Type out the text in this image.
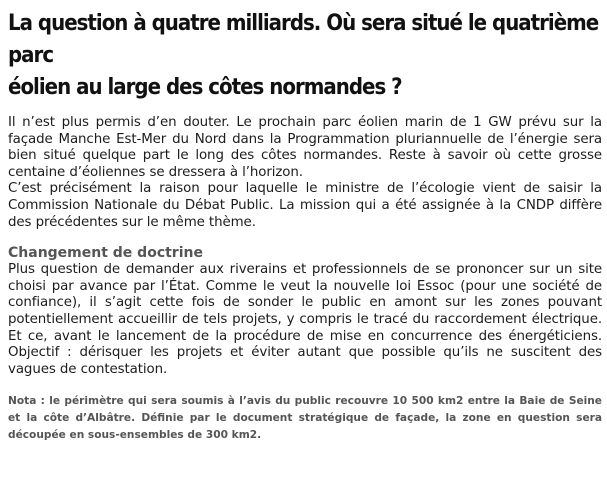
La question à quatre milliards. Où sera situé le quatrième parc
éolien au large des côtes normandes ?

Il n’est plus permis d’en douter. Le prochain parc éolien marin de 1 GW prévu sur la façade Manche Est-Mer du Nord dans la Programmation pluriannuelle de l’énergie sera bien situé quelque part le long des côtes normandes. Reste à savoir où cette grosse centaine d’éoliennes se dressera à l’horizon.

C’est précisément la raison pour laquelle le ministre de l’écologie vient de saisir la Commission Nationale du Débat Public. La mission qui a été assignée à la CNDP diffère des précédentes sur le même thème.

Changement de doctrine

Plus question de demander aux riverains et professionnels de se prononcer sur un site choisi par avance par l’État. Comme le veut la nouvelle loi Essoc (pour une société de confiance), il s’agit cette fois de sonder le public en amont sur les zones pouvant potentiellement accueillir de tels projets, y compris le tracé du raccordement électrique. Et ce, avant le lancement de la procédure de mise en concurrence des énergéticiens. Objectif : dérisquer les projets et éviter autant que possible qu’ils ne suscitent des vagues de contestation.

Nota : le périmètre qui sera soumis à l’avis du public recouvre 10 500 km2 entre la Baie de Seine et la côte d’Albâtre. Définie par le document stratégique de façade, la zone en question sera découpée en sous-ensembles de 300 km2.
